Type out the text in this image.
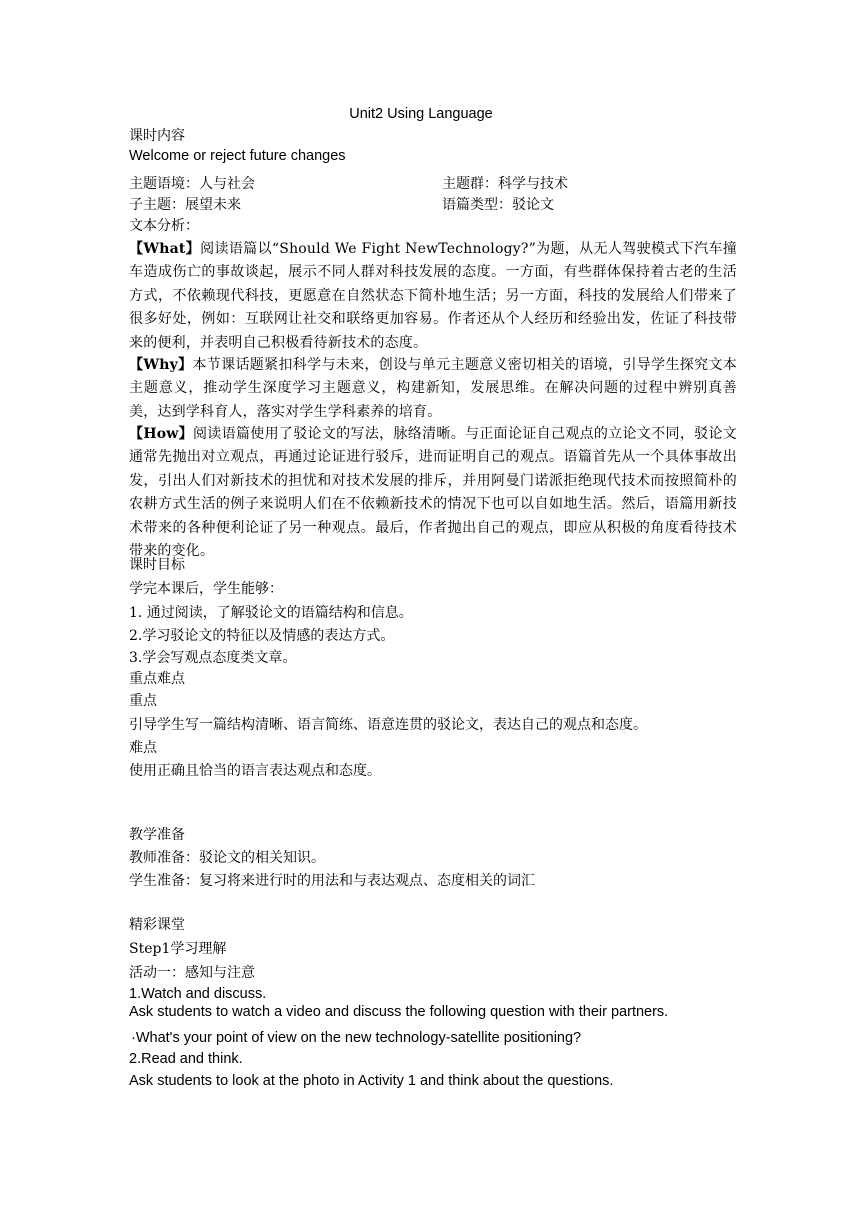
Unit2 Using Language
课时内容
Welcome or reject future changes
主题语境：人与社会	主题群：科学与技术
子主题：展望未来	语篇类型：驳论文
文本分析：
【What】阅读语篇以“Should We Fight NewTechnology?”为题，从无人驾驶模式下汽车撞车造成伤亡的事故谈起，展示不同人群对科技发展的态度。一方面，有些群体保持着古老的生活方式，不依赖现代科技，更愿意在自然状态下简朴地生活；另一方面，科技的发展给人们带来了很多好处，例如：互联网让社交和联络更加容易。作者还从个人经历和经验出发，佐证了科技带来的便利，并表明自己积极看待新技术的态度。
【Why】本节课话题紧扣科学与未来，创设与单元主题意义密切相关的语境，引导学生探究文本主题意义，推动学生深度学习主题意义，构建新知，发展思维。在解决问题的过程中辨别真善美，达到学科育人，落实对学生学科素养的培育。
【How】阅读语篇使用了驳论文的写法，脉络清晰。与正面论证自己观点的立论文不同，驳论文通常先抛出对立观点，再通过论证进行驳斥，进而证明自己的观点。语篇首先从一个具体事故出发，引出人们对新技术的担忧和对技术发展的排斥，并用阿曼门诺派拒绝现代技术而按照简朴的农耕方式生活的例子来说明人们在不依赖新技术的情况下也可以自如地生活。然后，语篇用新技术带来的各种便利论证了另一种观点。最后，作者抛出自己的观点，即应从积极的角度看待技术带来的变化。
课时目标
学完本课后，学生能够：
1. 通过阅读，了解驳论文的语篇结构和信息。
2.学习驳论文的特征以及情感的表达方式。
3.学会写观点态度类文章。
重点难点
重点
引导学生写一篇结构清晰、语言简练、语意连贯的驳论文，表达自己的观点和态度。
难点
使用正确且恰当的语言表达观点和态度。
教学准备
教师准备：驳论文的相关知识。
学生准备：复习将来进行时的用法和与表达观点、态度相关的词汇
精彩课堂
Step1学习理解
活动一：感知与注意
1.Watch and discuss.
Ask students to watch a video and discuss the following question with their partners.
·What's your point of view on the new technology-satellite positioning?
2.Read and think.
Ask students to look at the photo in Activity 1 and think about the questions.
